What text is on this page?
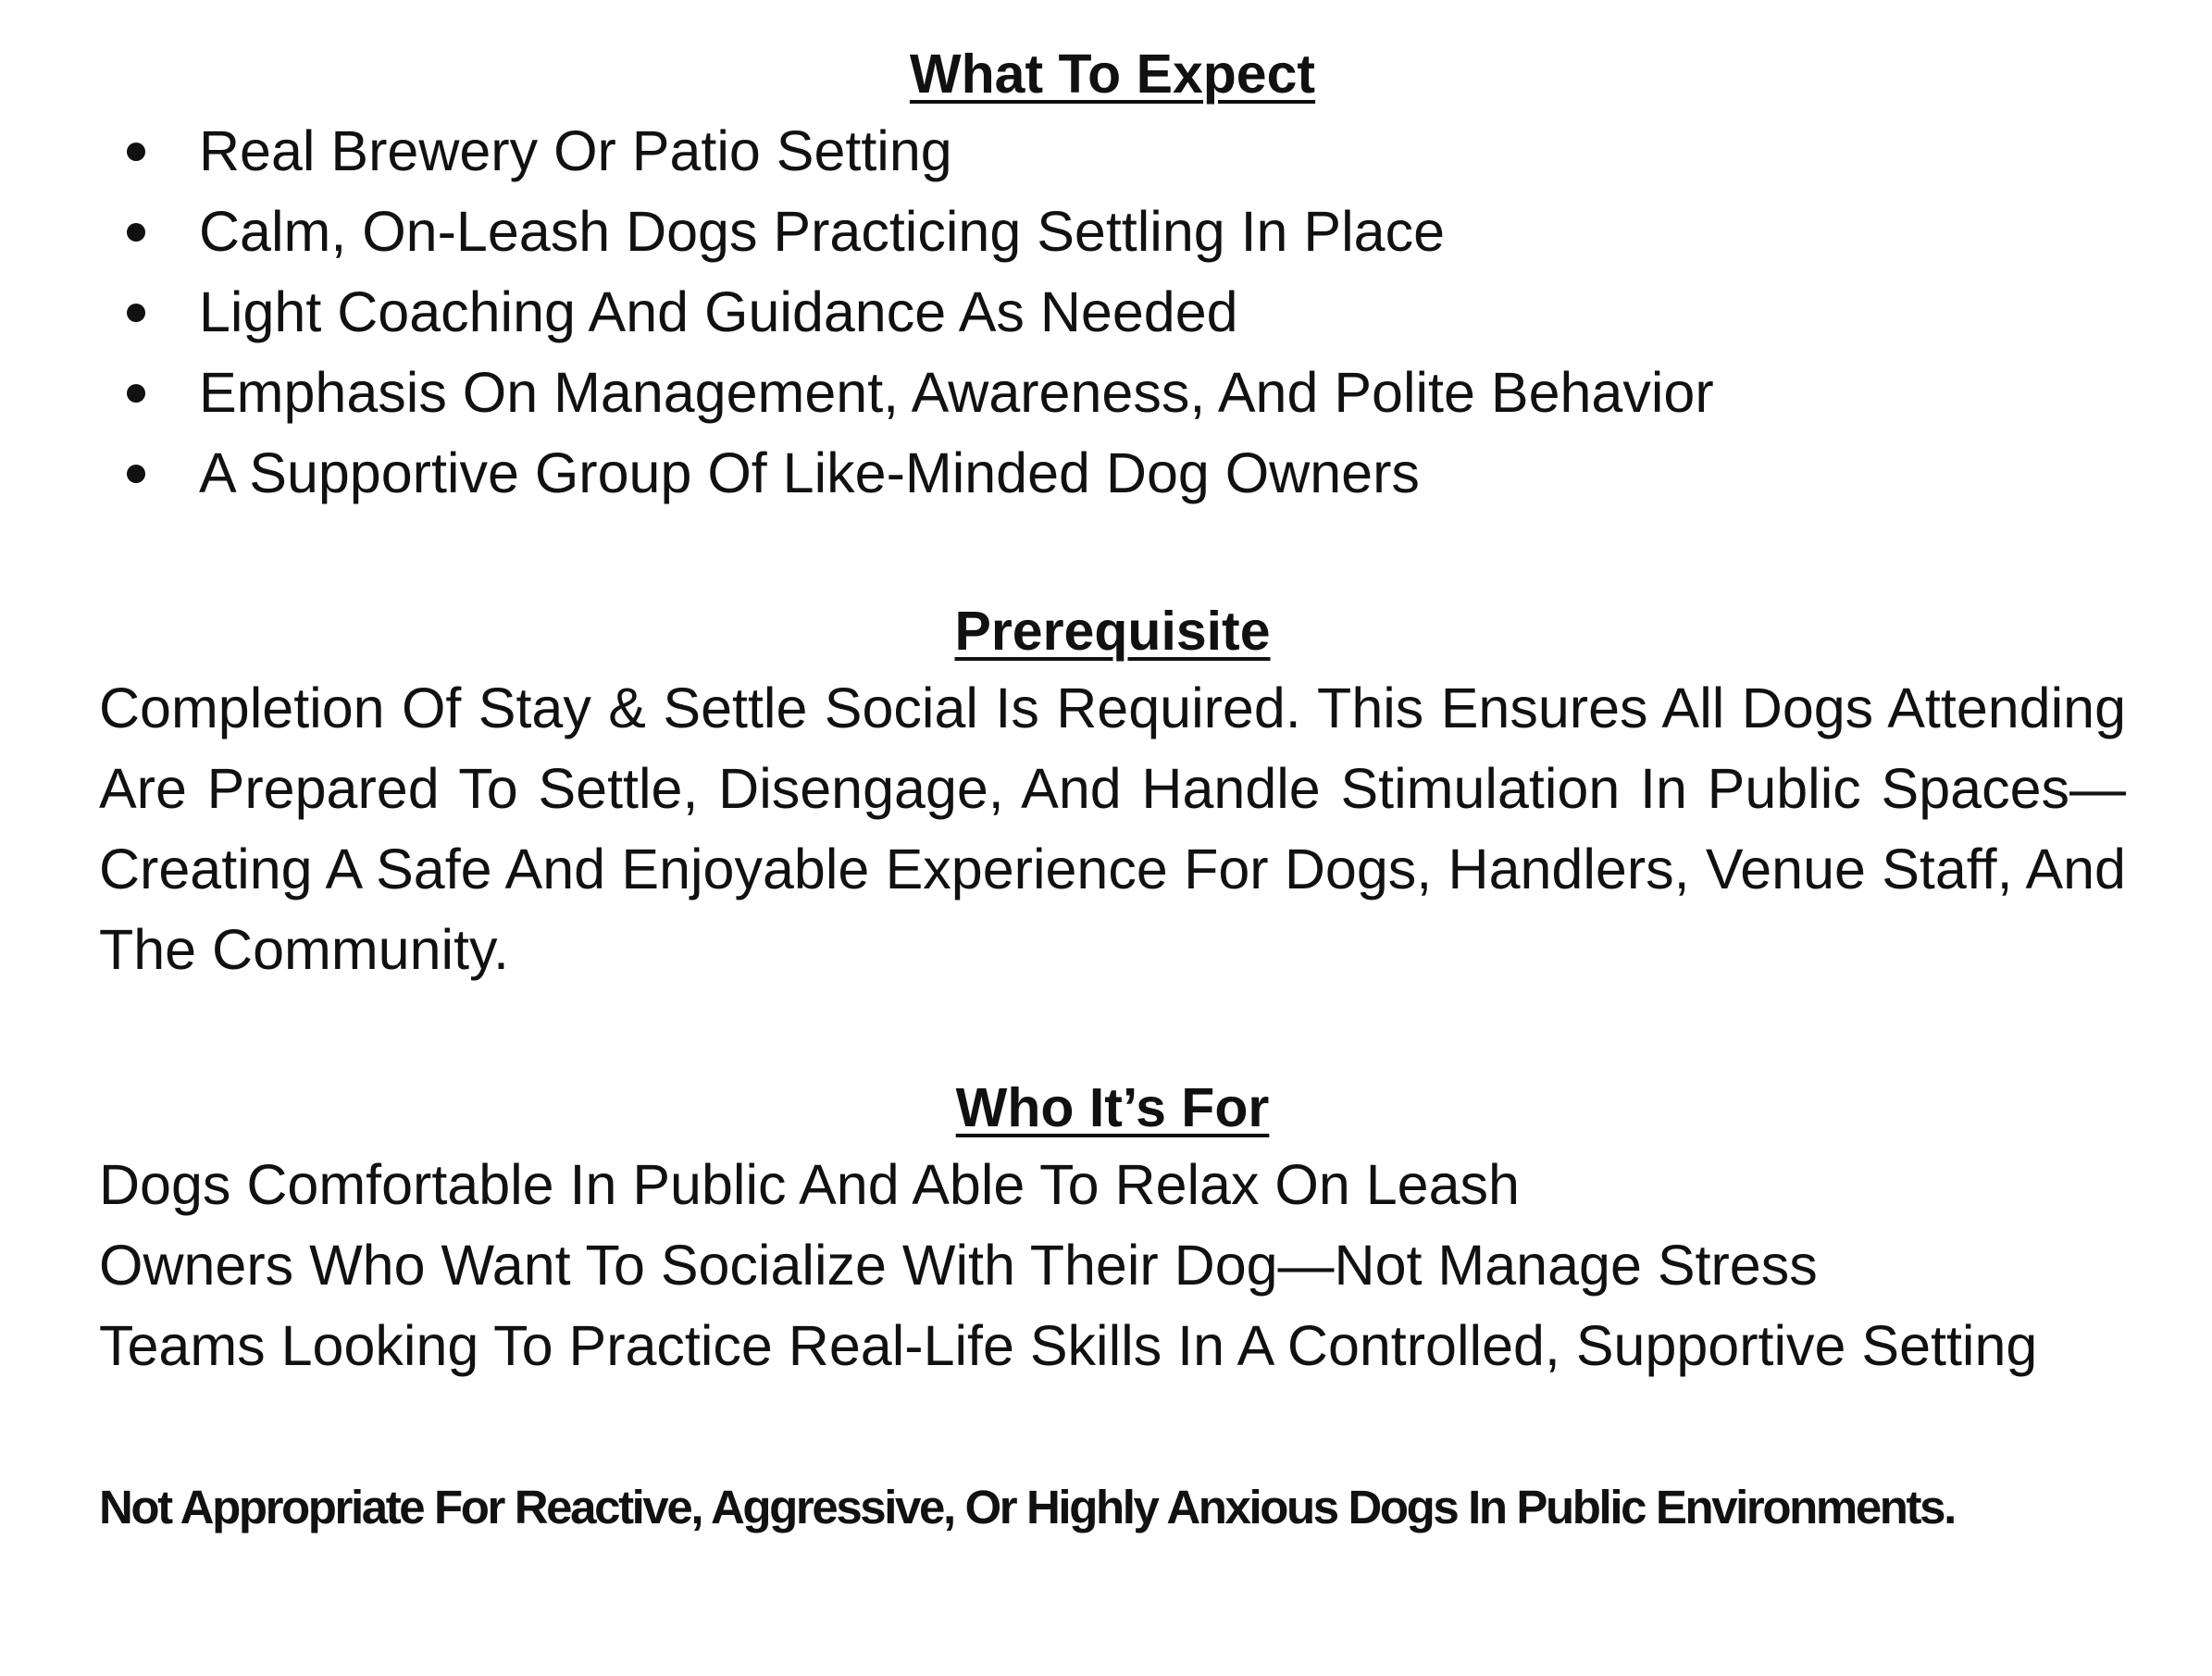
What To Expect
Real Brewery Or Patio Setting
Calm, On-Leash Dogs Practicing Settling In Place
Light Coaching And Guidance As Needed
Emphasis On Management, Awareness, And Polite Behavior
A Supportive Group Of Like-Minded Dog Owners
Prerequisite

Completion Of Stay & Settle Social Is Required. This Ensures All Dogs Attending Are Prepared To Settle, Disengage, And Handle Stimulation In Public Spaces—Creating A Safe And Enjoyable Experience For Dogs, Handlers, Venue Staff, And The Community.

Who It’s For

Dogs Comfortable In Public And Able To Relax On Leash

Owners Who Want To Socialize With Their Dog—Not Manage Stress

Teams Looking To Practice Real-Life Skills In A Controlled, Supportive Setting

Not Appropriate For Reactive, Aggressive, Or Highly Anxious Dogs In Public Environments.
